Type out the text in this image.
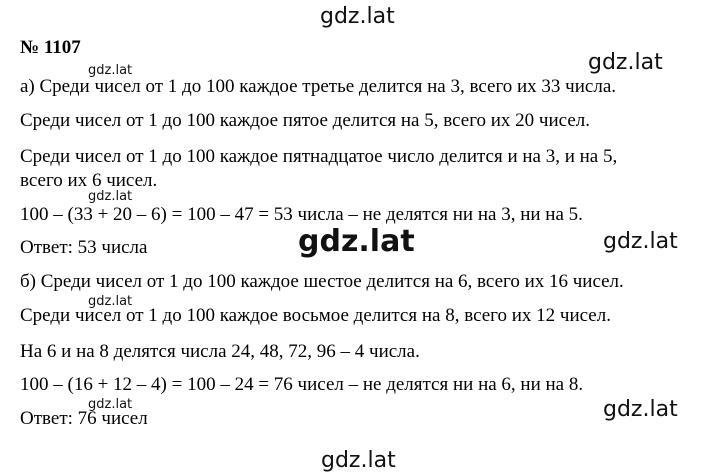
gdz.lat
gdz.lat
gdz.lat
gdz.lat
gdz.lat	gdz.lat
gdz.lat
gdz.lat	gdz.lat
gdz.lat
№ 1107
а) Среди чисел от 1 до 100 каждое третье делится на 3, всего их 33 числа.
Среди чисел от 1 до 100 каждое пятое делится на 5, всего их 20 чисел.
Среди чисел от 1 до 100 каждое пятнадцатое число делится и на 3, и на 5,
всего их 6 чисел.
100 – (33 + 20 – 6) = 100 – 47 = 53 числа – не делятся ни на 3, ни на 5.
Ответ: 53 числа
б) Среди чисел от 1 до 100 каждое шестое делится на 6, всего их 16 чисел.
Среди чисел от 1 до 100 каждое восьмое делится на 8, всего их 12 чисел.
На 6 и на 8 делятся числа 24, 48, 72, 96 – 4 числа.
100 – (16 + 12 – 4) = 100 – 24 = 76 чисел – не делятся ни на 6, ни на 8.
Ответ: 76 чисел
